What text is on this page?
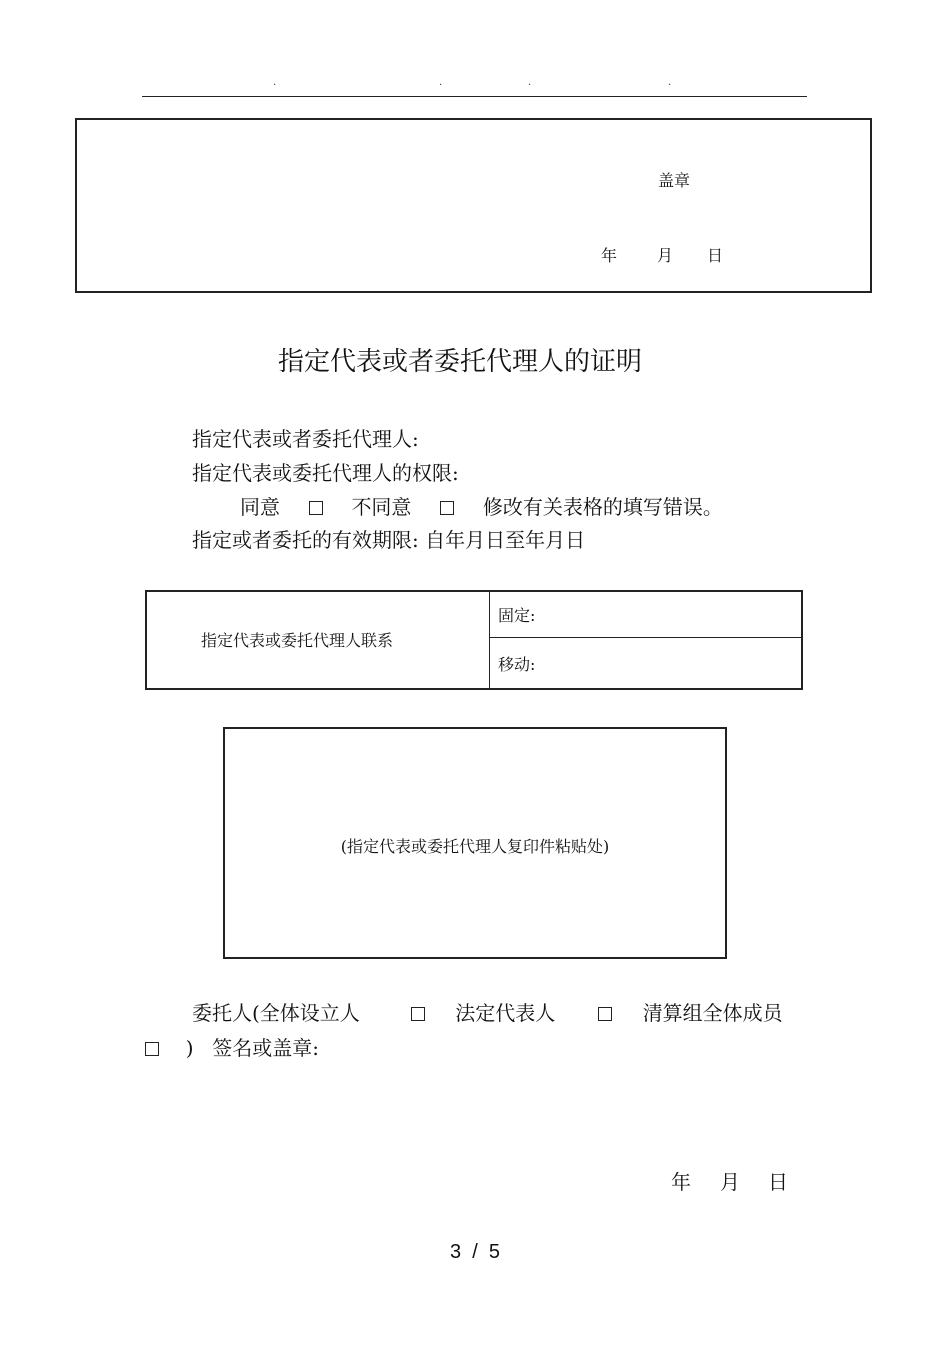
.	.	.	.
盖章
年 月 日
指定代表或者委托代理人的证明
指定代表或者委托代理人:
指定代表或委托代理人的权限:
同意	不同意	修改有关表格的填写错误。
指定或者委托的有效期限: 自年月日至年月日
指定代表或委托代理人联系
固定:
移动:
(指定代表或委托代理人复印件粘贴处)
委托人(全体设立人	法定代表人	清算组全体成员
) 签名或盖章:
年 月 日
3  /  5
